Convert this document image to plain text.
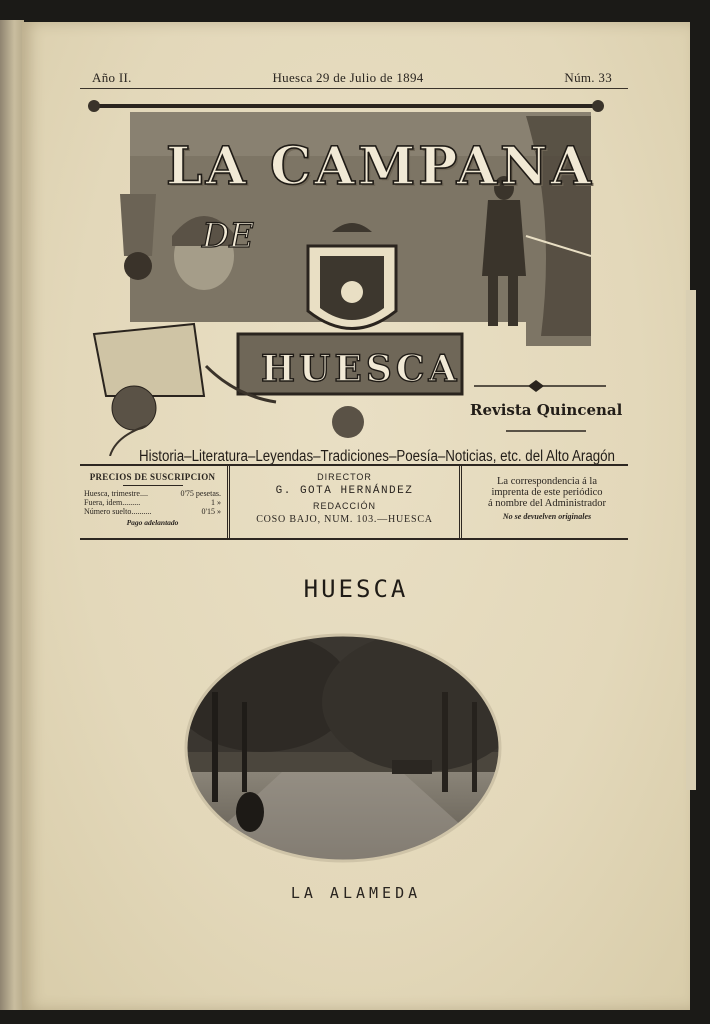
Año II.	Huesca 29 de Julio de 1894	Núm. 33
LA CAMPANA
DE
HUESCA
Revista Quincenal
Historia–Literatura–Leyendas–Tradiciones–Poesía–Noticias, etc. del Alto Aragón
PRECIOS DE SUSCRIPCION
Huesca, trimestre....	0'75 pesetas.
Fuera, idem.........	1 »
Número suelto..........	0'15 »
Pago adelantado
DIRECTOR
G. GOTA HERNÁNDEZ
REDACCIÓN
COSO BAJO, NUM. 103.—HUESCA
La correspondencia á la
imprenta de este periódico
á nombre del Administrador
No se devuelven originales
HUESCA
LA ALAMEDA
